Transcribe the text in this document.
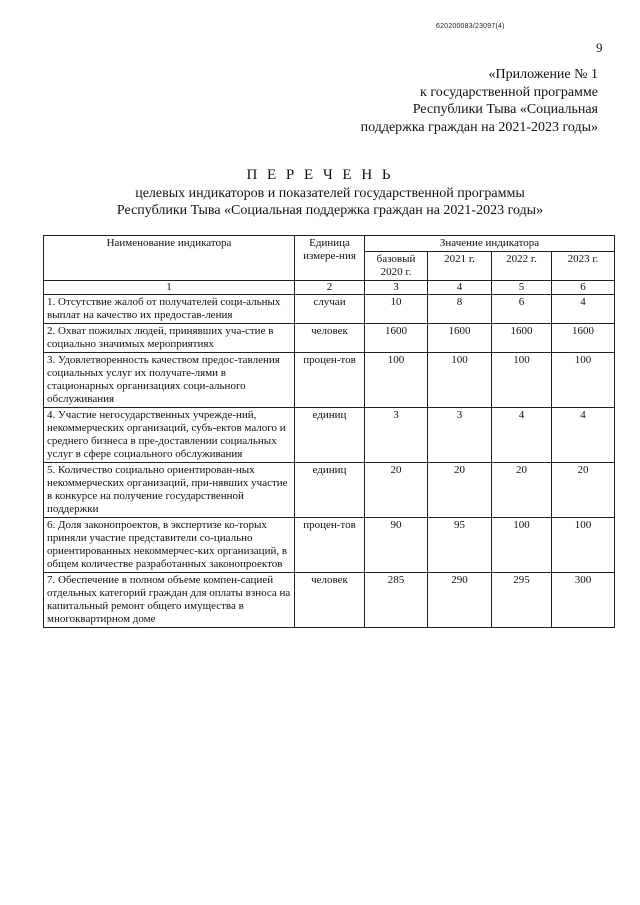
620200083/23097(4)
9
«Приложение № 1
к государственной программе
Республики Тыва «Социальная
поддержка граждан на 2021-2023 годы»
П Е Р Е Ч Е Н Ь
целевых индикаторов и показателей государственной программы
Республики Тыва «Социальная поддержка граждан на 2021-2023 годы»
Наименование индикатора	Единица измере-ния	Значение индикатора			
		базовый 2020 г.	2021 г.	2022 г.	2023 г.
1	2	3	4	5	6
1. Отсутствие жалоб от получателей соци-альных выплат на качество их предостав-ления	случаи	10	8	6	4
2. Охват пожилых людей, принявших уча-стие в социально значимых мероприятиях	человек	1600	1600	1600	1600
3. Удовлетворенность качеством предос-тавления социальных услуг их получате-лями в стационарных организациях соци-ального обслуживания	процен-тов	100	100	100	100
4. Участие негосударственных учрежде-ний, некоммерческих организаций, субъ-ектов малого и среднего бизнеса в пре-доставлении социальных услуг в сфере социального обслуживания	единиц	3	3	4	4
5. Количество социально ориентирован-ных некоммерческих организаций, при-нявших участие в конкурсе на получение государственной поддержки	единиц	20	20	20	20
6. Доля законопроектов, в экспертизе ко-торых приняли участие представители со-циально ориентированных некоммерчес-ких организаций, в общем количестве разработанных законопроектов	процен-тов	90	95	100	100
7. Обеспечение в полном объеме компен-сацией отдельных категорий граждан для оплаты взноса на капитальный ремонт общего имущества в многоквартирном доме	человек	285	290	295	300
